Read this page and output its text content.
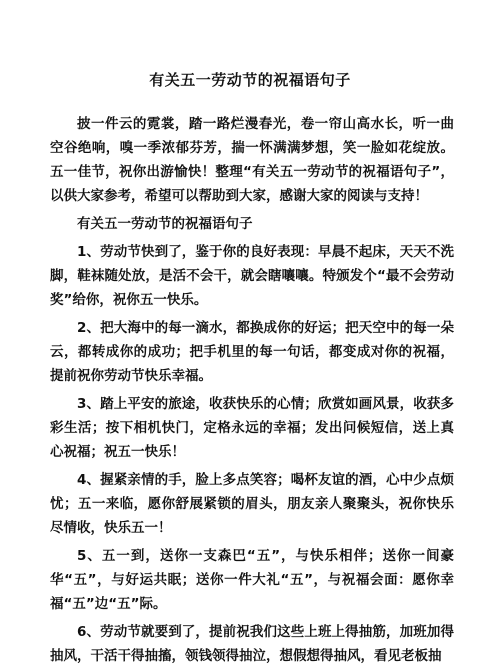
有关五一劳动节的祝福语句子

披一件云的霓裳，踏一路烂漫春光，卷一帘山高水长，听一曲空谷绝响，嗅一季浓郁芬芳，揣一怀满满梦想，笑一脸如花绽放。五一佳节，祝你出游愉快！整理“有关五一劳动节的祝福语句子”，以供大家参考，希望可以帮助到大家，感谢大家的阅读与支持！

有关五一劳动节的祝福语句子

1、劳动节快到了，鉴于你的良好表现：早晨不起床，天天不洗脚，鞋袜随处放，是活不会干，就会瞎嚷嚷。特颁发个“最不会劳动奖”给你，祝你五一快乐。

2、把大海中的每一滴水，都换成你的好运；把天空中的每一朵云，都转成你的成功；把手机里的每一句话，都变成对你的祝福，提前祝你劳动节快乐幸福。

3、踏上平安的旅途，收获快乐的心情；欣赏如画风景，收获多彩生活；按下相机快门，定格永远的幸福；发出问候短信，送上真心祝福；祝五一快乐！

4、握紧亲情的手，脸上多点笑容；喝杯友谊的酒，心中少点烦忧；五一来临，愿你舒展紧锁的眉头，朋友亲人聚聚头，祝你快乐尽情收，快乐五一！

5、五一到，送你一支森巴“五”，与快乐相伴；送你一间豪华“五”，与好运共眠；送你一件大礼“五”，与祝福会面：愿你幸福“五”边“五”际。

6、劳动节就要到了，提前祝我们这些上班上得抽筋，加班加得抽风，干活干得抽搐，领钱领得抽泣，想假想得抽风，看见老板抽
